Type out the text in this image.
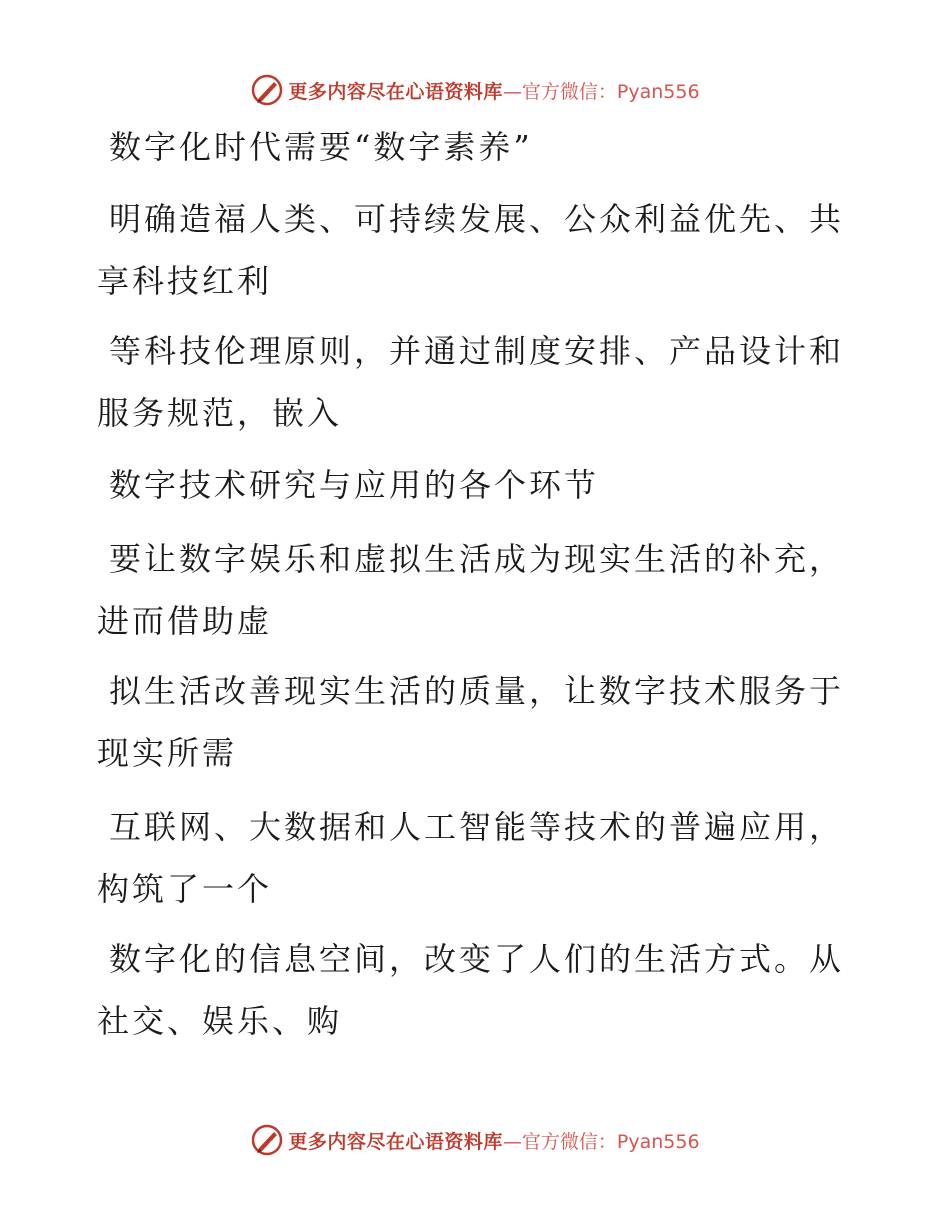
更多内容尽在心语资料库 —官方微信：Pyan556

数字化时代需要“数字素养”

明确造福人类、可持续发展、公众利益优先、共
享科技红利

等科技伦理原则，并通过制度安排、产品设计和
服务规范，嵌入

数字技术研究与应用的各个环节

要让数字娱乐和虚拟生活成为现实生活的补充，
进而借助虚

拟生活改善现实生活的质量，让数字技术服务于
现实所需

互联网、大数据和人工智能等技术的普遍应用，
构筑了一个

数字化的信息空间，改变了人们的生活方式。从
社交、娱乐、购

更多内容尽在心语资料库 —官方微信：Pyan556
